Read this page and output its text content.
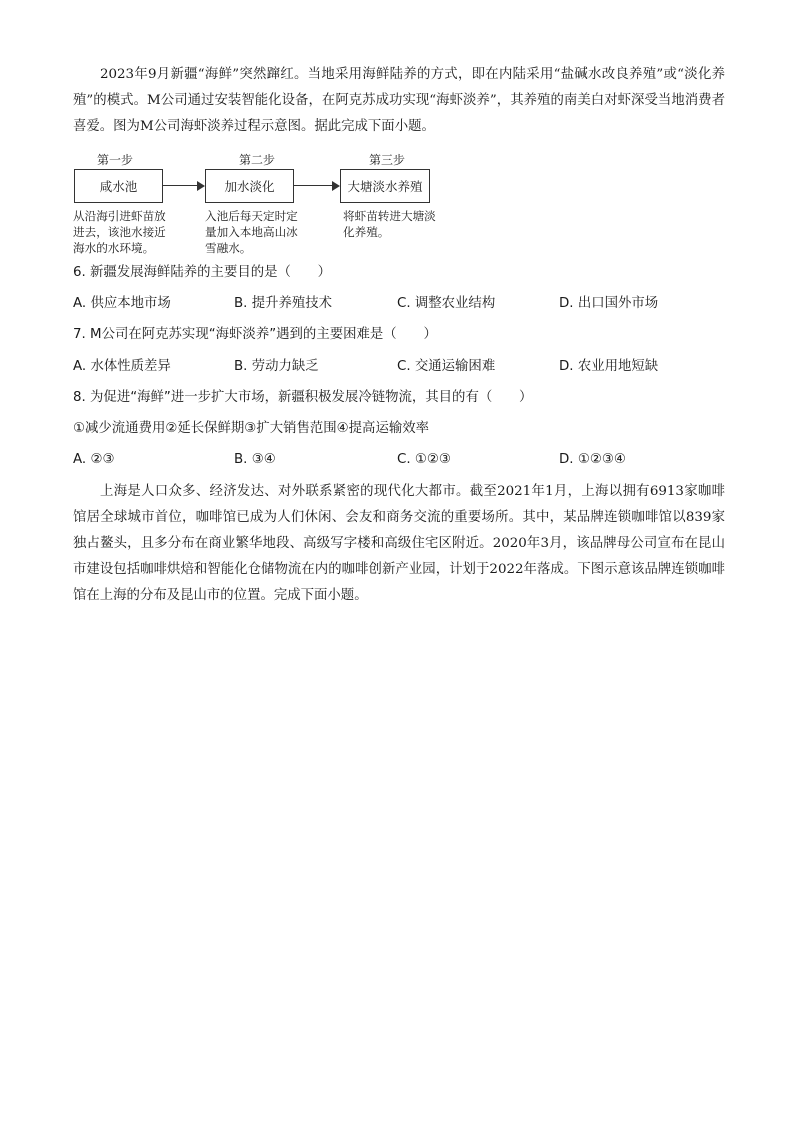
2023年9月新疆“海鲜”突然蹿红。当地采用海鲜陆养的方式，即在内陆采用“盐碱水改良养殖”或“淡化养殖”的模式。M公司通过安装智能化设备，在阿克苏成功实现“海虾淡养”，其养殖的南美白对虾深受当地消费者喜爱。图为M公司海虾淡养过程示意图。据此完成下面小题。

第一步	第二步	第三步
咸水池	加水淡化	大塘淡水养殖
从沿海引进虾苗放进去，该池水接近海水的水环境。
入池后每天定时定量加入本地高山冰雪融水。
将虾苗转进大塘淡化养殖。
6. 新疆发展海鲜陆养的主要目的是（　　）
A. 供应本地市场	B. 提升养殖技术	C. 调整农业结构	D. 出口国外市场
7. M公司在阿克苏实现“海虾淡养”遇到的主要困难是（　　）
A. 水体性质差异	B. 劳动力缺乏	C. 交通运输困难	D. 农业用地短缺
8. 为促进“海鲜”进一步扩大市场，新疆积极发展冷链物流，其目的有（　　）
①减少流通费用②延长保鲜期③扩大销售范围④提高运输效率
A. ②③	B. ③④	C. ①②③	D. ①②③④

上海是人口众多、经济发达、对外联系紧密的现代化大都市。截至2021年1月，上海以拥有6913家咖啡馆居全球城市首位，咖啡馆已成为人们休闲、会友和商务交流的重要场所。其中，某品牌连锁咖啡馆以839家独占鳌头，且多分布在商业繁华地段、高级写字楼和高级住宅区附近。2020年3月，该品牌母公司宣布在昆山市建设包括咖啡烘焙和智能化仓储物流在内的咖啡创新产业园，计划于2022年落成。下图示意该品牌连锁咖啡馆在上海的分布及昆山市的位置。完成下面小题。
